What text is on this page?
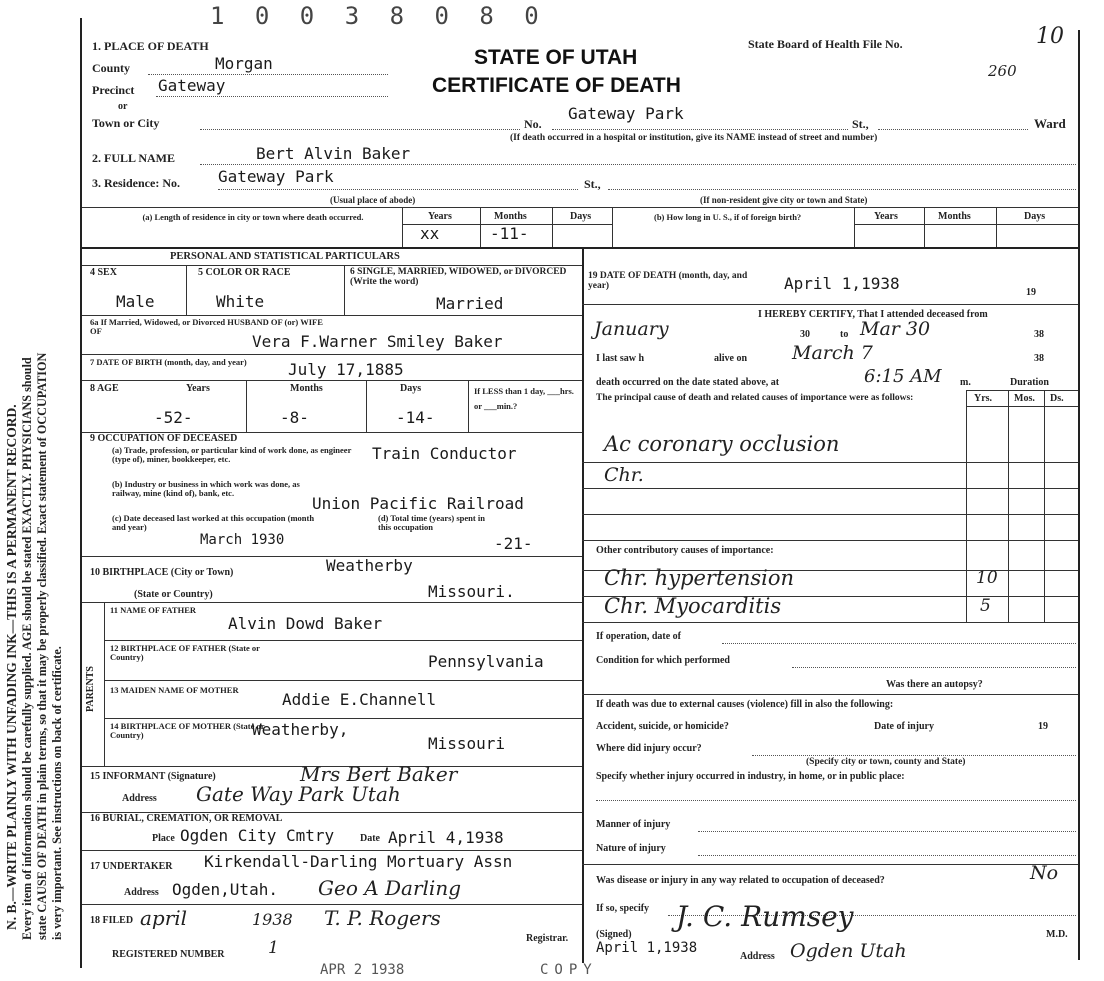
N. B.—WRITE PLAINLY WITH UNFADING INK—THIS IS A PERMANENT RECORD. Every item of information should be carefully supplied. AGE should be stated EXACTLY. PHYSICIANS should state CAUSE OF DEATH in plain terms, so that it may be properly classified. Exact statement of OCCUPATION is very important. See instructions on back of certificate.
1 0 0 3 8 0 8 0
STATE OF UTAH
CERTIFICATE OF DEATH
State Board of Health File No.	10
260
1. PLACE OF DEATH
County	Morgan
Precinct Gateway
or
Town or City	No.
Gateway Park
St.,	Ward
(If death occurred in a hospital or institution, give its NAME instead of street and number)
2. FULL NAME	Bert Alvin Baker
3. Residence: No. Gateway Park	St.,
(Usual place of abode)	(If non-resident give city or town and State)
(a) Length of residence in city or town where death occurred.	Years	Months	Days
xx	-11-
(b) How long in U. S., if of foreign birth?	Years	Months	Days
PERSONAL AND STATISTICAL PARTICULARS
4 SEX
Male
5 COLOR OR RACE
White
6 SINGLE, MARRIED, WIDOWED, or DIVORCED (Write the word)
Married
6a If Married, Widowed, or Divorced HUSBAND OF (or) WIFE OF
Vera F.Warner Smiley Baker
7 DATE OF BIRTH (month, day, and year)	July 17,1885
8 AGE	Years	Months	Days	If LESS than 1 day, ___hrs. or ___min.?
-52-	-8-	-14-
9 OCCUPATION OF DECEASED
(a) Trade, profession, or particular kind of work done, as engineer (type of), miner, bookkeeper, etc.	Train Conductor
(b) Industry or business in which work was done, as railway, mine (kind of), bank, etc.
Union Pacific Railroad
(c) Date deceased last worked at this occupation (month and year)
March 1930
(d) Total time (years) spent in this occupation
-21-
10 BIRTHPLACE (City or Town)	Weatherby
(State or Country)	Missouri.
PARENTS
11 NAME OF FATHER
Alvin Dowd Baker
12 BIRTHPLACE OF FATHER (State or Country)	Pennsylvania
13 MAIDEN NAME OF MOTHER	Addie E.Channell
14 BIRTHPLACE OF MOTHER (State or Country)	Weatherby,
Missouri
15 INFORMANT (Signature)	Mrs Bert Baker
Address Gate Way Park Utah
16 BURIAL, CREMATION, OR REMOVAL
Place Ogden City Cmtry	Date April 4,1938
17 UNDERTAKER Kirkendall-Darling Mortuary Assn
Address Ogden,Utah. Geo A Darling
18 FILED april	1938 T. P. Rogers
Registrar.
REGISTERED NUMBER	1
APR 2 1938	COPY
19 DATE OF DEATH (month, day, and year)	April 1,1938	19
I HEREBY CERTIFY, That I attended deceased from
January	30	to Mar 30	38
I last saw h	alive on March 7	38
death occurred on the date stated above, at	6:15 AM m.	Duration
The principal cause of death and related causes of importance were as follows:	Yrs. Mos. Ds.
Ac coronary occlusion
Chr.
Other contributory causes of importance:
Chr. hypertension	10
Chr. Myocarditis	5
If operation, date of
Condition for which performed
Was there an autopsy?
If death was due to external causes (violence) fill in also the following:
Accident, suicide, or homicide?	Date of injury	19
Where did injury occur?
(Specify city or town, county and State)
Specify whether injury occurred in industry, in home, or in public place:
Manner of injury
Nature of injury
Was disease or injury in any way related to occupation of deceased?	No
If so, specify
(Signed)
J. C. Rumsey
M.D.
April 1,1938
Address Ogden Utah
